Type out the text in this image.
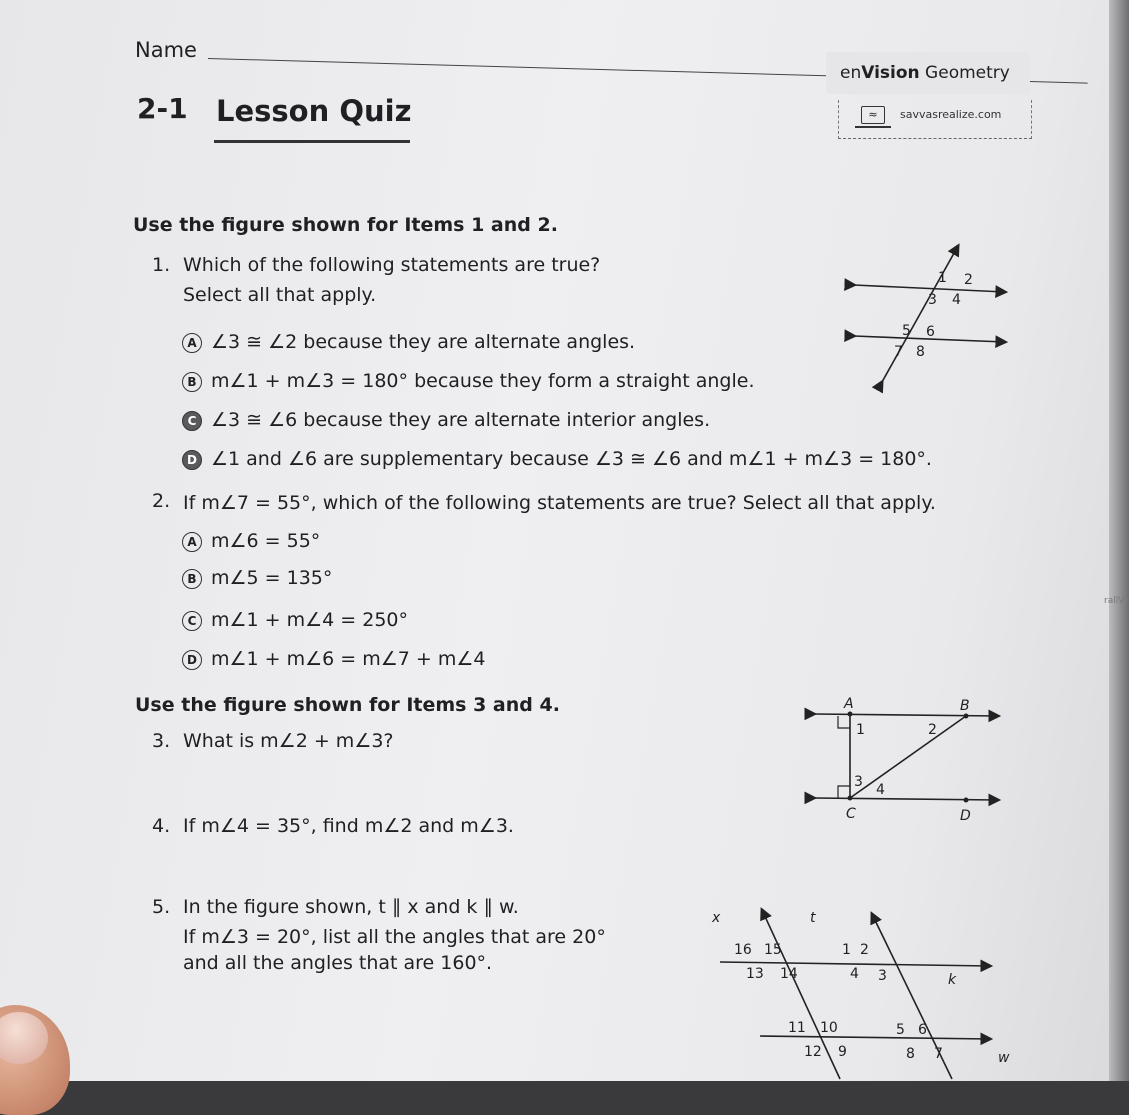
Name
enVision Geometry
2-1 Lesson Quiz	≈	savvasrealize.com
Use the figure shown for Items 1 and 2.
1. Which of the following statements are true?
Select all that apply.
A ∠3 ≅ ∠2 because they are alternate angles.
B m∠1 + m∠3 = 180° because they form a straight angle.
C ∠3 ≅ ∠6 because they are alternate interior angles.
D ∠1 and ∠6 are supplementary because ∠3 ≅ ∠6 and m∠1 + m∠3 = 180°.
1 2
3 4
5 6
7 8
2. If m∠7 = 55°, which of the following statements are true? Select all that apply.
A m∠6 = 55°
B m∠5 = 135°
C m∠1 + m∠4 = 250°
D m∠1 + m∠6 = m∠7 + m∠4
rallV
Use the figure shown for Items 3 and 4.
3. What is m∠2 + m∠3?
4. If m∠4 = 35°, find m∠2 and m∠3.
A	B
C	D
1	2
3 4
5. In the figure shown, t ∥ x and k ∥ w.
If m∠3 = 20°, list all the angles that are 20°
and all the angles that are 160°.
x	t
k
w
16 15
13 14
1 2
4 3
11 10
12 9
5 6
8 7
